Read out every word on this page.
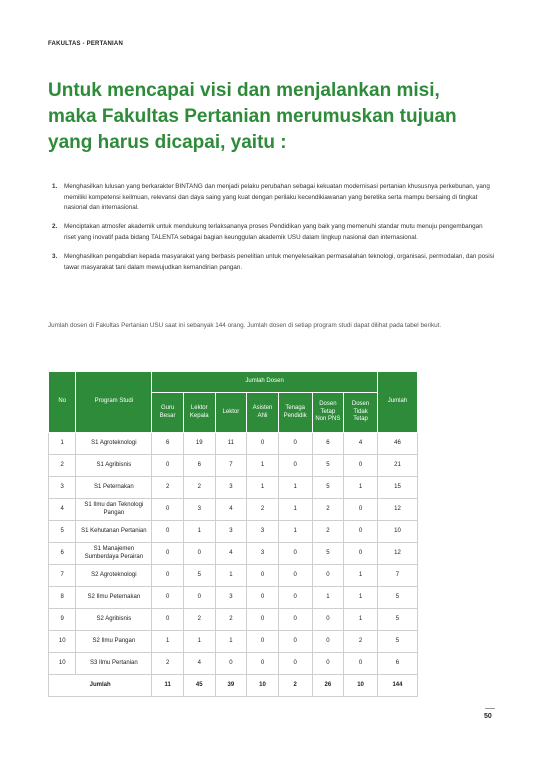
FAKULTAS - PERTANIAN
Untuk mencapai visi dan menjalankan misi, maka Fakultas Pertanian merumuskan tujuan yang harus dicapai, yaitu :
1. Menghasilkan lulusan yang berkarakter BINTANG dan menjadi pelaku perubahan sebagai kekuatan modernisasi pertanian khususnya perkebunan, yang memiliki kompetensi keilmuan, relevansi dan daya saing yang kuat dengan perilaku kecendikiawanan yang beretika serta mampu bersaing di tingkat nasional dan internasional.
2. Menciptakan atmosfer akademik untuk mendukung terlaksananya proses Pendidikan yang baik yang memenuhi standar mutu menuju pengembangan riset yang inovatif pada bidang TALENTA sebagai bagian keunggulan akademik USU dalam lingkup nasional dan internasional.
3. Menghasilkan pengabdian kepada masyarakat yang berbasis penelitian untuk menyelesaikan permasalahan teknologi, organisasi, permodalan, dan posisi tawar masyarakat tani dalam mewujudkan kemandirian pangan.

Jumlah dosen di Fakultas Pertanian USU saat ini sebanyak 144 orang. Jumlah dosen di setiap program studi dapat dilihat pada tabel berikut.

No	Program Studi	Jumlah Dosen							Jumlah
		Guru Besar	Lektor Kepala	Lektor	Asisten Ahli	Tenaga Pendidik	Dosen Tetap Non PNS	Dosen Tidak Tetap	
1	S1 Agroteknologi	6	19	11	0	0	6	4	46
2	S1 Agribisnis	0	6	7	1	0	5	0	21
3	S1 Peternakan	2	2	3	1	1	5	1	15
4	S1 Ilmu dan Teknologi Pangan	0	3	4	2	1	2	0	12
5	S1 Kehutanan Pertanian	0	1	3	3	1	2	0	10
6	S1 Manajemen Sumberdaya Perairan	0	0	4	3	0	5	0	12
7	S2 Agroteknologi	0	5	1	0	0	0	1	7
8	S2 Ilmu Peternakan	0	0	3	0	0	1	1	5
9	S2 Agribisnis	0	2	2	0	0	0	1	5
10	S2 Ilmu Pangan	1	1	1	0	0	0	2	5
10	S3 Ilmu Pertanian	2	4	0	0	0	0	0	6
Jumlah		11	45	39	10	2	26	10	144
50
